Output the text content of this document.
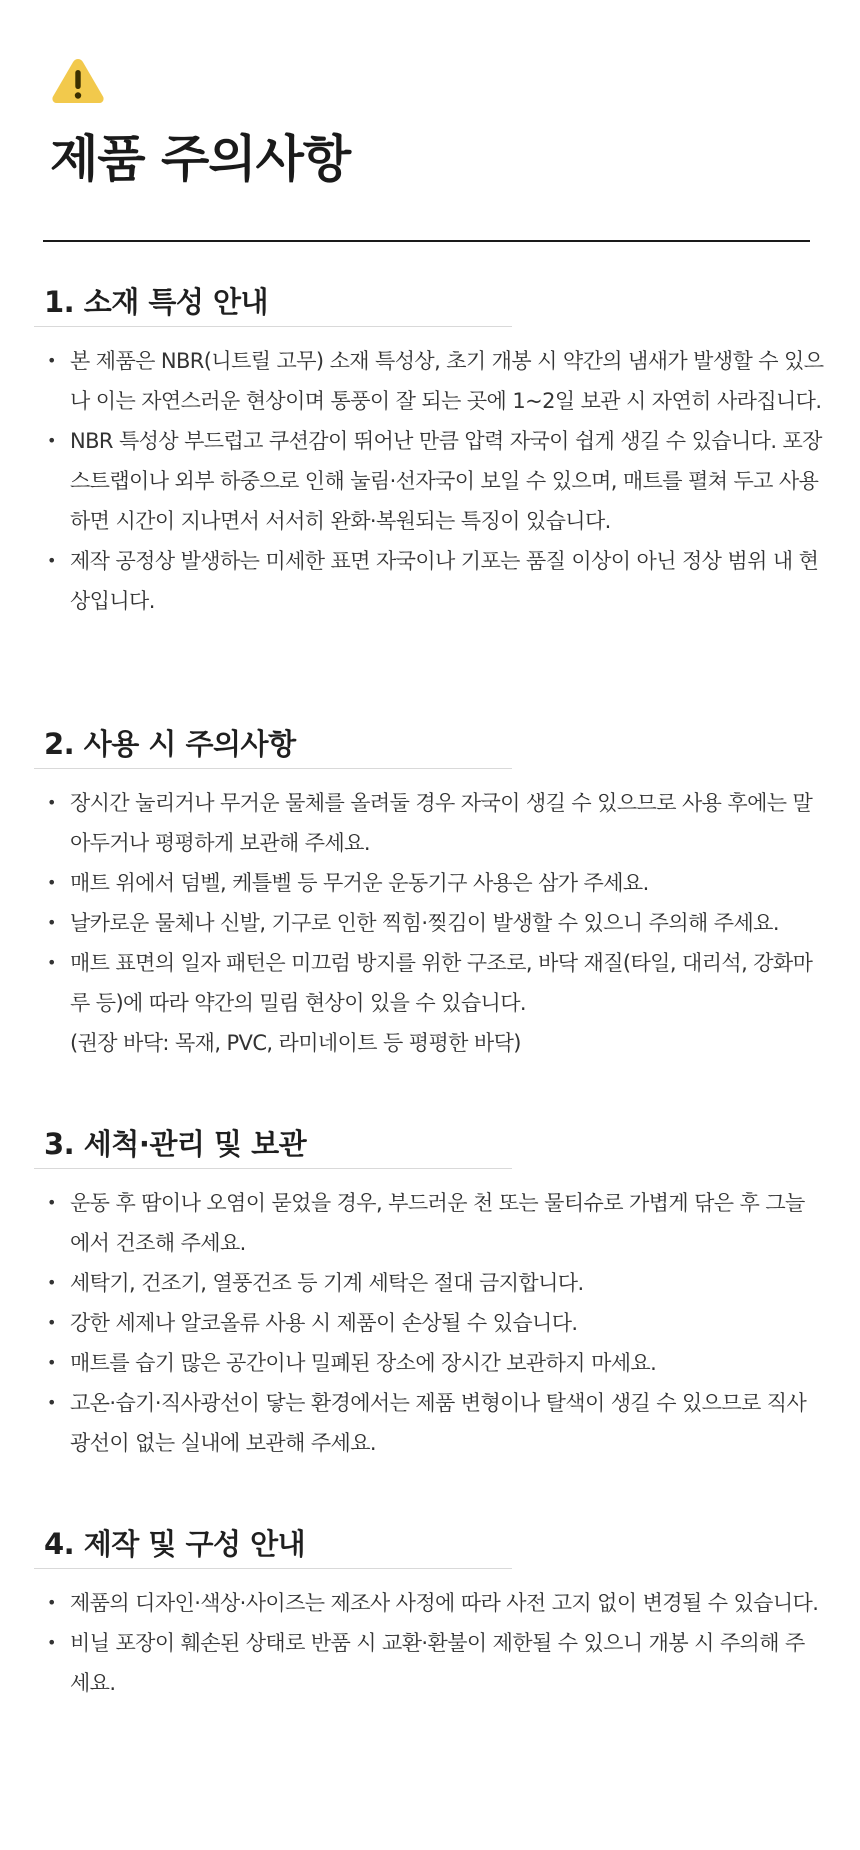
제품 주의사항
1. 소재 특성 안내
• 본 제품은 NBR(니트릴 고무) 소재 특성상, 초기 개봉 시 약간의 냄새가 발생할 수 있으나 이는 자연스러운 현상이며 통풍이 잘 되는 곳에 1~2일 보관 시 자연히 사라집니다.
• NBR 특성상 부드럽고 쿠션감이 뛰어난 만큼 압력 자국이 쉽게 생길 수 있습니다. 포장 스트랩이나 외부 하중으로 인해 눌림·선자국이 보일 수 있으며, 매트를 펼쳐 두고 사용하면 시간이 지나면서 서서히 완화·복원되는 특징이 있습니다.
• 제작 공정상 발생하는 미세한 표면 자국이나 기포는 품질 이상이 아닌 정상 범위 내 현상입니다.
2. 사용 시 주의사항
• 장시간 눌리거나 무거운 물체를 올려둘 경우 자국이 생길 수 있으므로 사용 후에는 말아두거나 평평하게 보관해 주세요.
• 매트 위에서 덤벨, 케틀벨 등 무거운 운동기구 사용은 삼가 주세요.
• 날카로운 물체나 신발, 기구로 인한 찍힘·찢김이 발생할 수 있으니 주의해 주세요.
• 매트 표면의 일자 패턴은 미끄럼 방지를 위한 구조로, 바닥 재질(타일, 대리석, 강화마루 등)에 따라 약간의 밀림 현상이 있을 수 있습니다.
(권장 바닥: 목재, PVC, 라미네이트 등 평평한 바닥)
3. 세척·관리 및 보관
• 운동 후 땀이나 오염이 묻었을 경우, 부드러운 천 또는 물티슈로 가볍게 닦은 후 그늘에서 건조해 주세요.
• 세탁기, 건조기, 열풍건조 등 기계 세탁은 절대 금지합니다.
• 강한 세제나 알코올류 사용 시 제품이 손상될 수 있습니다.
• 매트를 습기 많은 공간이나 밀폐된 장소에 장시간 보관하지 마세요.
• 고온·습기·직사광선이 닿는 환경에서는 제품 변형이나 탈색이 생길 수 있으므로 직사광선이 없는 실내에 보관해 주세요.
4. 제작 및 구성 안내
• 제품의 디자인·색상·사이즈는 제조사 사정에 따라 사전 고지 없이 변경될 수 있습니다.
• 비닐 포장이 훼손된 상태로 반품 시 교환·환불이 제한될 수 있으니 개봉 시 주의해 주세요.
